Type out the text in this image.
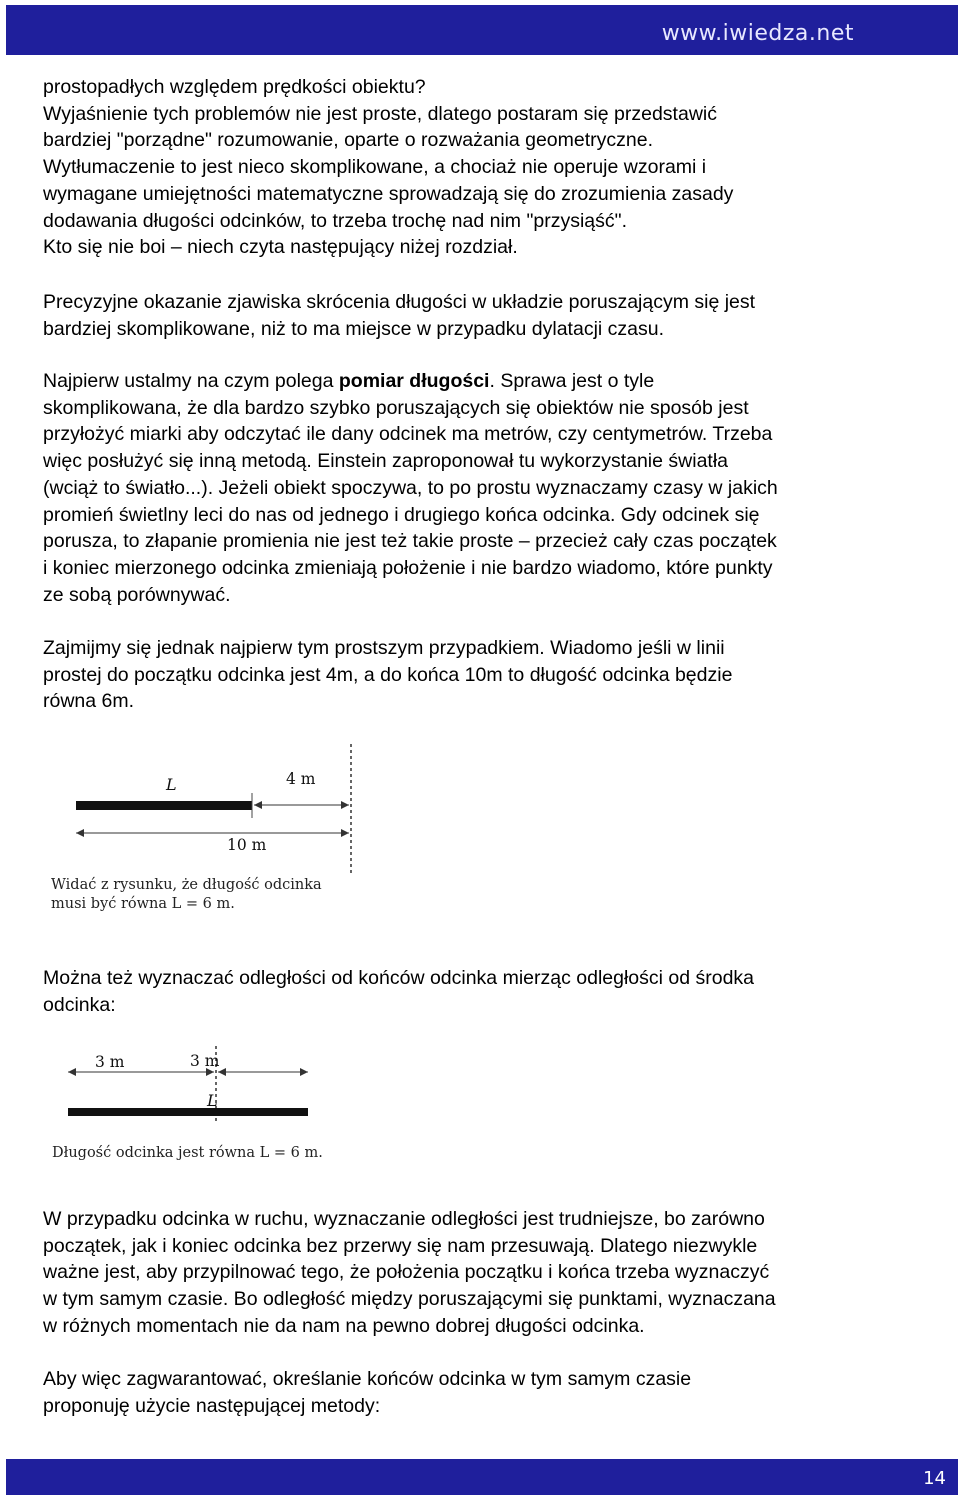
www.iwiedza.net

prostopadłych względem prędkości obiektu?
Wyjaśnienie tych problemów nie jest proste, dlatego postaram się przedstawić
bardziej "porządne" rozumowanie, oparte o rozważania geometryczne.
Wytłumaczenie to jest nieco skomplikowane, a chociaż nie operuje wzorami i
wymagane umiejętności matematyczne sprowadzają się do zrozumienia zasady
dodawania długości odcinków, to trzeba trochę nad nim "przysiąść".
Kto się nie boi – niech czyta następujący niżej rozdział.

Precyzyjne okazanie zjawiska skrócenia długości w układzie poruszającym się jest
bardziej skomplikowane, niż to ma miejsce w przypadku dylatacji czasu.

Najpierw ustalmy na czym polega pomiar długości. Sprawa jest o tyle
skomplikowana, że dla bardzo szybko poruszających się obiektów nie sposób jest
przyłożyć miarki aby odczytać ile dany odcinek ma metrów, czy centymetrów. Trzeba
więc posłużyć się inną metodą. Einstein zaproponował tu wykorzystanie światła
(wciąż to światło...). Jeżeli obiekt spoczywa, to po prostu wyznaczamy czasy w jakich
promień świetlny leci do nas od jednego i drugiego końca odcinka. Gdy odcinek się
porusza, to złapanie promienia nie jest też takie proste – przecież cały czas początek
i koniec mierzonego odcinka zmieniają położenie i nie bardzo wiadomo, które punkty
ze sobą porównywać.

Zajmijmy się jednak najpierw tym prostszym przypadkiem. Wiadomo jeśli w linii
prostej do początku odcinka jest 4m, a do końca 10m to długość odcinka będzie
równa 6m.

L	4 m
10 m
Widać z rysunku, że długość odcinka
musi być równa L = 6 m.

Można też wyznaczać odległości od końców odcinka mierząc odległości od środka
odcinka:

3 m	3 m
L
Długość odcinka jest równa L = 6 m.

W przypadku odcinka w ruchu, wyznaczanie odległości jest trudniejsze, bo zarówno
początek, jak i koniec odcinka bez przerwy się nam przesuwają. Dlatego niezwykle
ważne jest, aby przypilnować tego, że położenia początku i końca trzeba wyznaczyć
w tym samym czasie. Bo odległość między poruszającymi się punktami, wyznaczana
w różnych momentach nie da nam na pewno dobrej długości odcinka.

Aby więc zagwarantować, określanie końców odcinka w tym samym czasie
proponuję użycie następującej metody:

14
